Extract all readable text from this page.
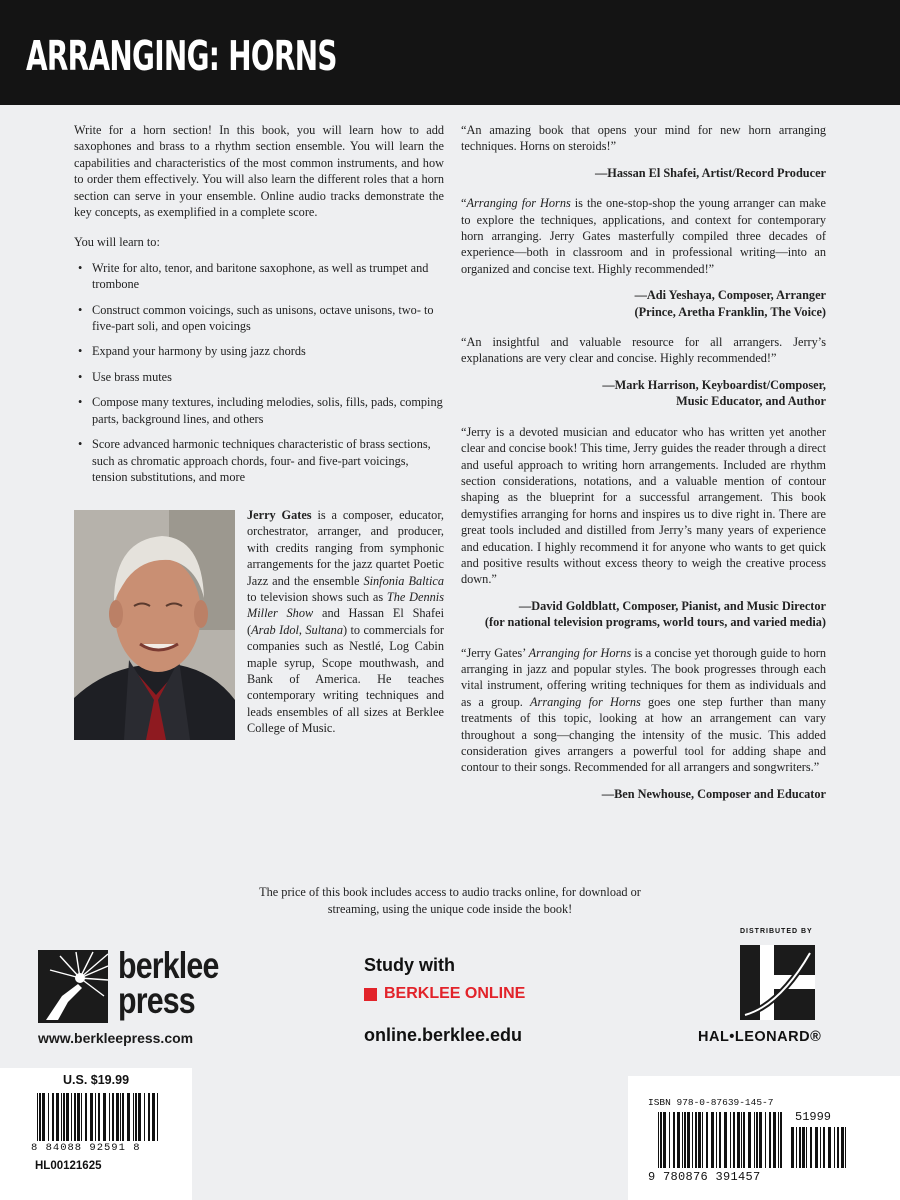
ARRANGING: HORNS

Write for a horn section! In this book, you will learn how to add saxophones and brass to a rhythm section ensemble. You will learn the capabilities and characteristics of the most common instruments, and how to order them effectively. You will also learn the different roles that a horn section can serve in your ensemble. Online audio tracks demonstrate the key concepts, as exemplified in a complete score.

You will learn to:

• Write for alto, tenor, and baritone saxophone, as well as trumpet and trombone
• Construct common voicings, such as unisons, octave unisons, two- to five-part soli, and open voicings
• Expand your harmony by using jazz chords
• Use brass mutes
• Compose many textures, including melodies, solis, fills, pads, comping parts, background lines, and others
• Score advanced harmonic techniques characteristic of brass sections, such as chromatic approach chords, four- and five-part voicings, tension substitutions, and more
Jerry Gates is a composer, educator, orchestrator, arranger, and producer, with credits ranging from symphonic arrangements for the jazz quartet Poetic Jazz and the ensemble Sinfonia Baltica to television shows such as The Dennis Miller Show and Hassan El Shafei (Arab Idol, Sultana) to commercials for companies such as Nestlé, Log Cabin maple syrup, Scope mouthwash, and Bank of America. He teaches contemporary writing techniques and leads ensembles of all sizes at Berklee College of Music.

“An amazing book that opens your mind for new horn arranging techniques. Horns on steroids!”

—Hassan El Shafei, Artist/Record Producer

“Arranging for Horns is the one-stop-shop the young arranger can make to explore the techniques, applications, and context for contemporary horn arranging. Jerry Gates masterfully compiled three decades of experience—both in classroom and in professional writing—into an organized and concise text. Highly recommended!”

—Adi Yeshaya, Composer, Arranger
(Prince, Aretha Franklin, The Voice)

“An insightful and valuable resource for all arrangers. Jerry’s explanations are very clear and concise. Highly recommended!”

—Mark Harrison, Keyboardist/Composer,
Music Educator, and Author

“Jerry is a devoted musician and educator who has written yet another clear and concise book! This time, Jerry guides the reader through a direct and useful approach to writing horn arrangements. Included are rhythm section considerations, notations, and a valuable mention of contour shaping as the blueprint for a successful arrangement. This book demystifies arranging for horns and inspires us to dive right in. There are great tools included and distilled from Jerry’s many years of experience and education. I highly recommend it for anyone who wants to get quick and positive results without excess theory to weigh the creative process down.”

—David Goldblatt, Composer, Pianist, and Music Director
(for national television programs, world tours, and varied media)

“Jerry Gates’ Arranging for Horns is a concise yet thorough guide to horn arranging in jazz and popular styles. The book progresses through each vital instrument, offering writing techniques for them as individuals and as a group. Arranging for Horns goes one step further than many treatments of this topic, looking at how an arrangement can vary throughout a song—changing the intensity of the music. This added consideration gives arrangers a powerful tool for adding shape and contour to their songs. Recommended for all arrangers and songwriters.”

—Ben Newhouse, Composer and Educator

The price of this book includes access to audio tracks online, for download or streaming, using the unique code inside the book!

berklee
press
www.berkleepress.com
Study with
BERKLEE ONLINE
online.berklee.edu
DISTRIBUTED BY
HAL•LEONARD®
U.S. $19.99
8 84088 92591 8
HL00121625
ISBN 978-0-87639-145-7
51999
9 780876 391457
